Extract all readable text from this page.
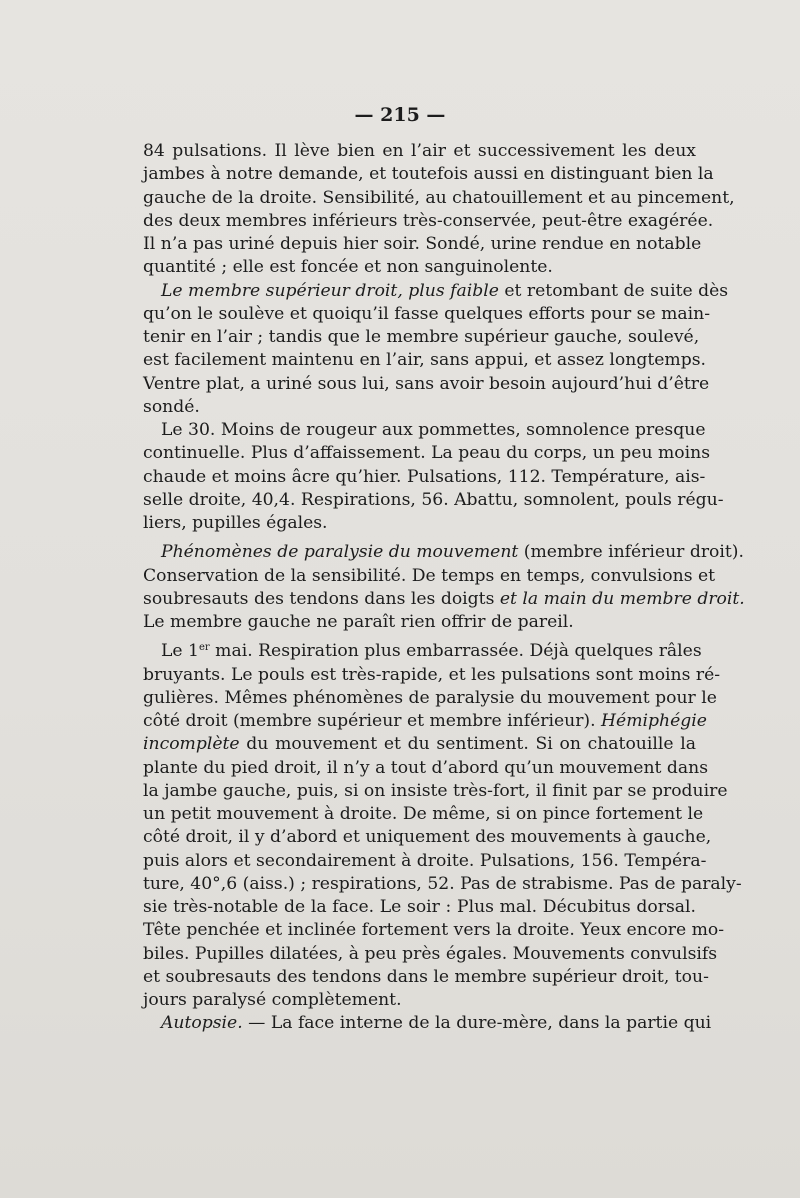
— 215 —
84 pulsations. Il lève bien en l’air et successivement les deux
jambes à notre demande, et toutefois aussi en distinguant bien la
gauche de la droite. Sensibilité, au chatouillement et au pincement,
des deux membres inférieurs très-conservée, peut-être exagérée.
Il n’a pas uriné depuis hier soir. Sondé, urine rendue en notable
quantité ; elle est foncée et non sanguinolente.
Le membre supérieur droit, plus faible et retombant de suite dès
qu’on le soulève et quoiqu’il fasse quelques efforts pour se main-
tenir en l’air ; tandis que le membre supérieur gauche, soulevé,
est facilement maintenu en l’air, sans appui, et assez longtemps.
Ventre plat, a uriné sous lui, sans avoir besoin aujourd’hui d’être
sondé.
Le 30. Moins de rougeur aux pommettes, somnolence presque
continuelle. Plus d’affaissement. La peau du corps, un peu moins
chaude et moins âcre qu’hier. Pulsations, 112. Température, ais-
selle droite, 40,4. Respirations, 56. Abattu, somnolent, pouls régu-
liers, pupilles égales.
Phénomènes de paralysie du mouvement (membre inférieur droit).
Conservation de la sensibilité. De temps en temps, convulsions et
soubresauts des tendons dans les doigts et la main du membre droit.
Le membre gauche ne paraît rien offrir de pareil.
Le 1er mai. Respiration plus embarrassée. Déjà quelques râles
bruyants. Le pouls est très-rapide, et les pulsations sont moins ré-
gulières. Mêmes phénomènes de paralysie du mouvement pour le
côté droit (membre supérieur et membre inférieur). Hémiphégie
incomplète du mouvement et du sentiment. Si on chatouille la
plante du pied droit, il n’y a tout d’abord qu’un mouvement dans
la jambe gauche, puis, si on insiste très-fort, il finit par se produire
un petit mouvement à droite. De même, si on pince fortement le
côté droit, il y d’abord et uniquement des mouvements à gauche,
puis alors et secondairement à droite. Pulsations, 156. Tempéra-
ture, 40°,6 (aiss.) ; respirations, 52. Pas de strabisme. Pas de paraly-
sie très-notable de la face. Le soir : Plus mal. Décubitus dorsal.
Tête penchée et inclinée fortement vers la droite. Yeux encore mo-
biles. Pupilles dilatées, à peu près égales. Mouvements convulsifs
et soubresauts des tendons dans le membre supérieur droit, tou-
jours paralysé complètement.
Autopsie. — La face interne de la dure-mère, dans la partie qui
